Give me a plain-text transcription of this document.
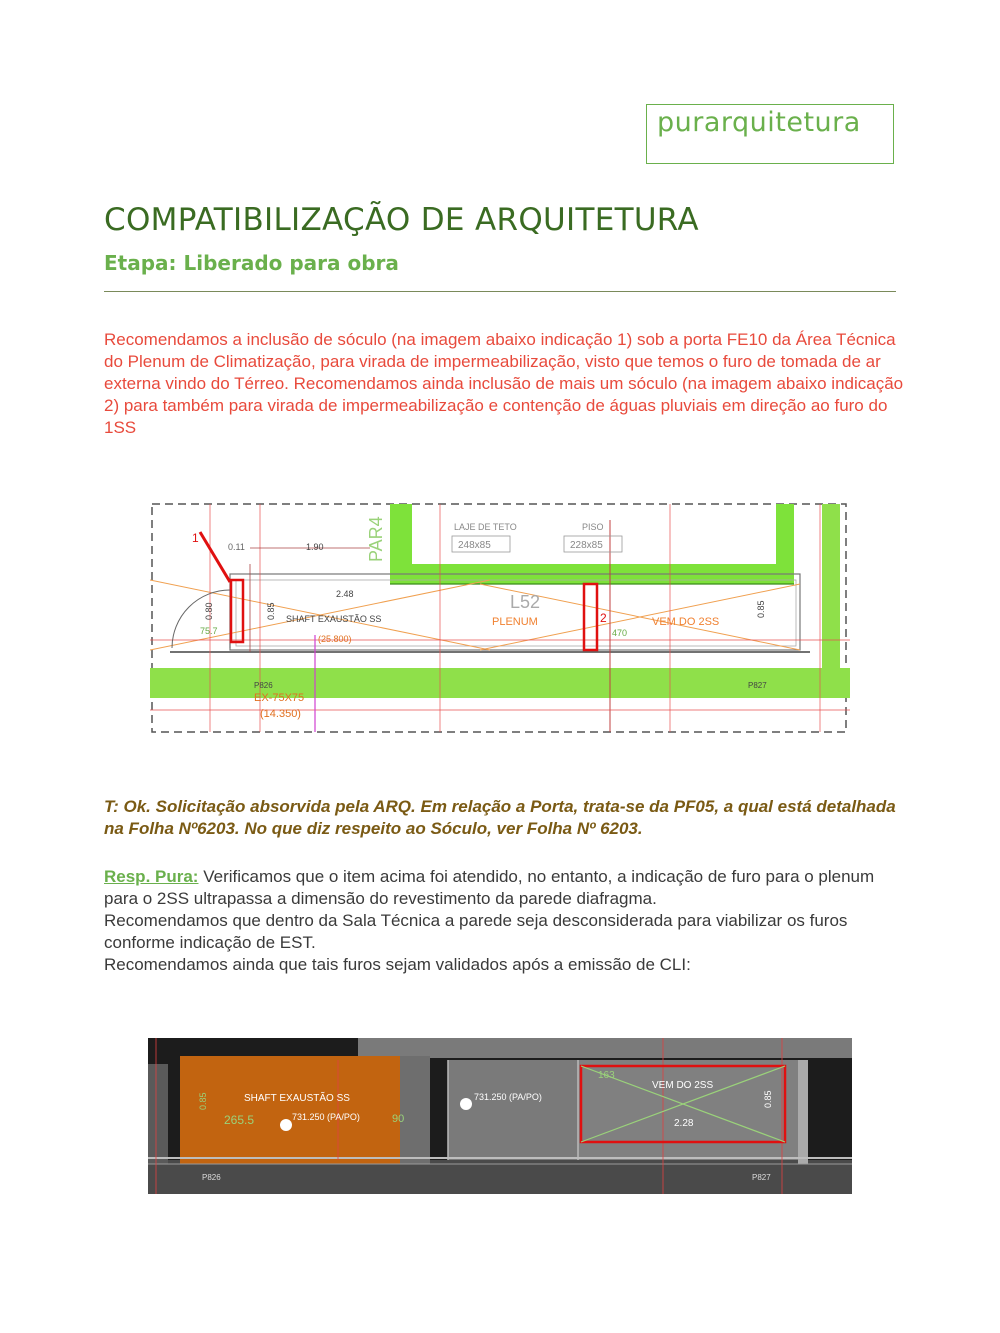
purarquitetura
COMPATIBILIZAÇÃO DE ARQUITETURA
Etapa: Liberado para obra

Recomendamos a inclusão de sóculo (na imagem abaixo indicação 1) sob a porta FE10 da Área Técnica do Plenum de Climatização, para virada de impermeabilização, visto que temos o furo de tomada de ar externa vindo do Térreo. Recomendamos ainda inclusão de mais um sóculo (na imagem abaixo indicação 2) para também para virada de impermeabilização e contenção de águas pluviais em direção ao furo do 1SS

1
2
0.11	1.90
2.48
0.85	0.85
0.80
75.7	470
LAJE DE TETO
248x85
PISO
228x85
SHAFT EXAUSTÃO SS
(25.800)
L52
PLENUM	VEM DO 2SS
P826	P827
EX-75X75
(14.350)
PAR4

T: Ok. Solicitação absorvida pela ARQ. Em relação a Porta, trata-se da PF05, a qual está detalhada na Folha Nº6203. No que diz respeito ao Sóculo, ver Folha Nº 6203.

Resp. Pura: Verificamos que o item acima foi atendido, no entanto, a indicação de furo para o plenum para o 2SS ultrapassa a dimensão do revestimento da parede diafragma.
Recomendamos que dentro da Sala Técnica a parede seja desconsiderada para viabilizar os furos conforme indicação de EST.
Recomendamos ainda que tais furos sejam validados após a emissão de CLI:

SHAFT EXAUSTÃO SS
731.250 (PA/PO)
731.250 (PA/PO)
265.5
0.85
90
163
VEM DO 2SS
2.28
0.85
P826	P827
